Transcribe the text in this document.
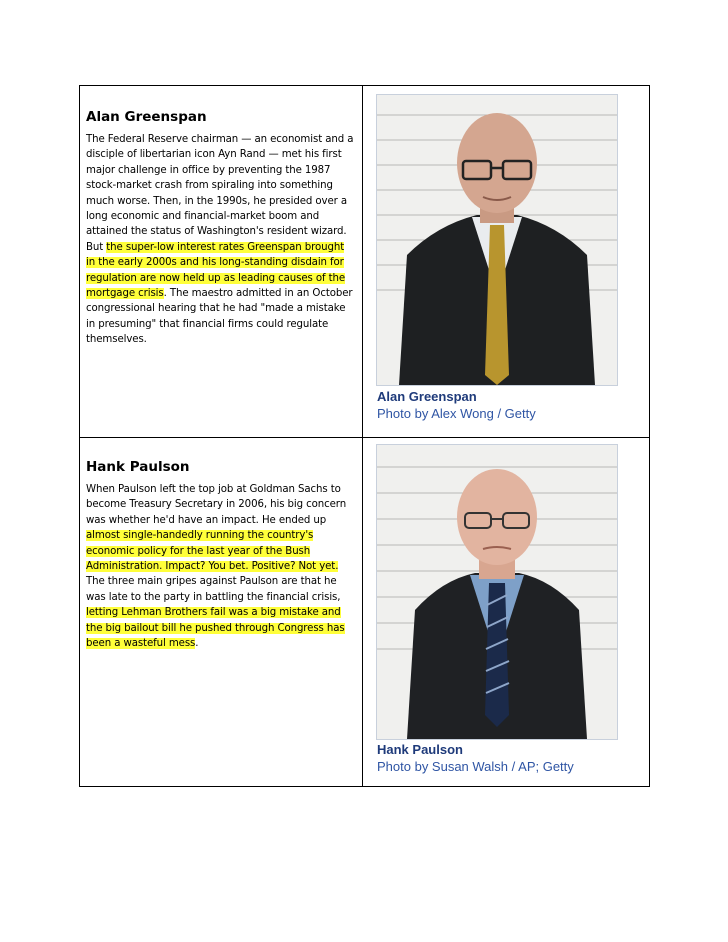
Alan Greenspan

The Federal Reserve chairman — an economist and a disciple of libertarian icon Ayn Rand — met his first major challenge in office by preventing the 1987 stock-market crash from spiraling into something much worse. Then, in the 1990s, he presided over a long economic and financial-market boom and attained the status of Washington's resident wizard. But the super-low interest rates Greenspan brought in the early 2000s and his long-standing disdain for regulation are now held up as leading causes of the mortgage crisis. The maestro admitted in an October congressional hearing that he had "made a mistake in presuming" that financial firms could regulate themselves.

Alan Greenspan
Photo by Alex Wong / Getty

Hank Paulson

When Paulson left the top job at Goldman Sachs to become Treasury Secretary in 2006, his big concern was whether he'd have an impact. He ended up almost single-handedly running the country's economic policy for the last year of the Bush Administration. Impact? You bet. Positive? Not yet. The three main gripes against Paulson are that he was late to the party in battling the financial crisis, letting Lehman Brothers fail was a big mistake and the big bailout bill he pushed through Congress has been a wasteful mess.

Hank Paulson
Photo by Susan Walsh / AP; Getty
